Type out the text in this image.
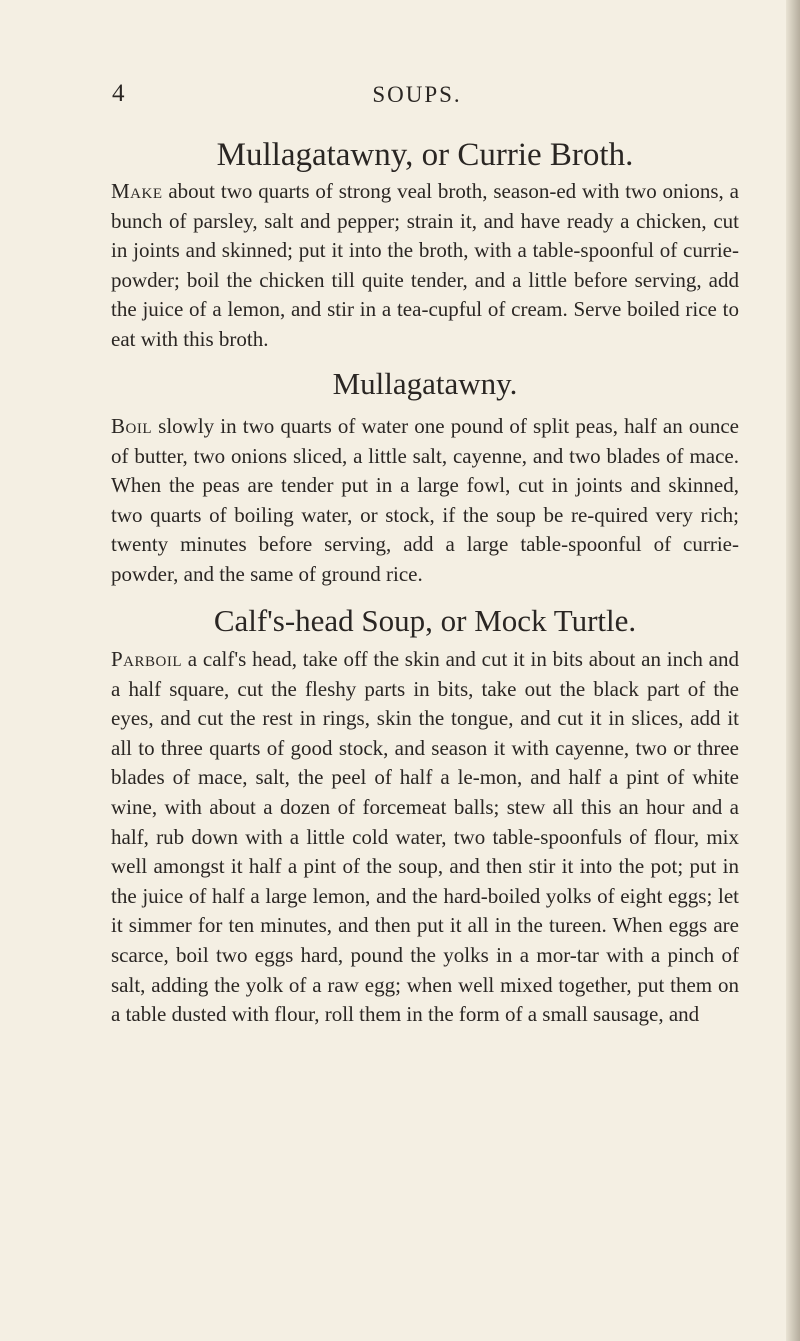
4	SOUPS.
Mullagatawny, or Currie Broth.

Make about two quarts of strong veal broth, season-ed with two onions, a bunch of parsley, salt and pepper; strain it, and have ready a chicken, cut in joints and skinned; put it into the broth, with a table-spoonful of currie-powder; boil the chicken till quite tender, and a little before serving, add the juice of a lemon, and stir in a tea-cupful of cream. Serve boiled rice to eat with this broth.

Mullagatawny.

Boil slowly in two quarts of water one pound of split peas, half an ounce of butter, two onions sliced, a little salt, cayenne, and two blades of mace. When the peas are tender put in a large fowl, cut in joints and skinned, two quarts of boiling water, or stock, if the soup be re-quired very rich; twenty minutes before serving, add a large table-spoonful of currie-powder, and the same of ground rice.

Calf's-head Soup, or Mock Turtle.

Parboil a calf's head, take off the skin and cut it in bits about an inch and a half square, cut the fleshy parts in bits, take out the black part of the eyes, and cut the rest in rings, skin the tongue, and cut it in slices, add it all to three quarts of good stock, and season it with cayenne, two or three blades of mace, salt, the peel of half a le-mon, and half a pint of white wine, with about a dozen of forcemeat balls; stew all this an hour and a half, rub down with a little cold water, two table-spoonfuls of flour, mix well amongst it half a pint of the soup, and then stir it into the pot; put in the juice of half a large lemon, and the hard-boiled yolks of eight eggs; let it simmer for ten minutes, and then put it all in the tureen. When eggs are scarce, boil two eggs hard, pound the yolks in a mor-tar with a pinch of salt, adding the yolk of a raw egg; when well mixed together, put them on a table dusted with flour, roll them in the form of a small sausage, and
